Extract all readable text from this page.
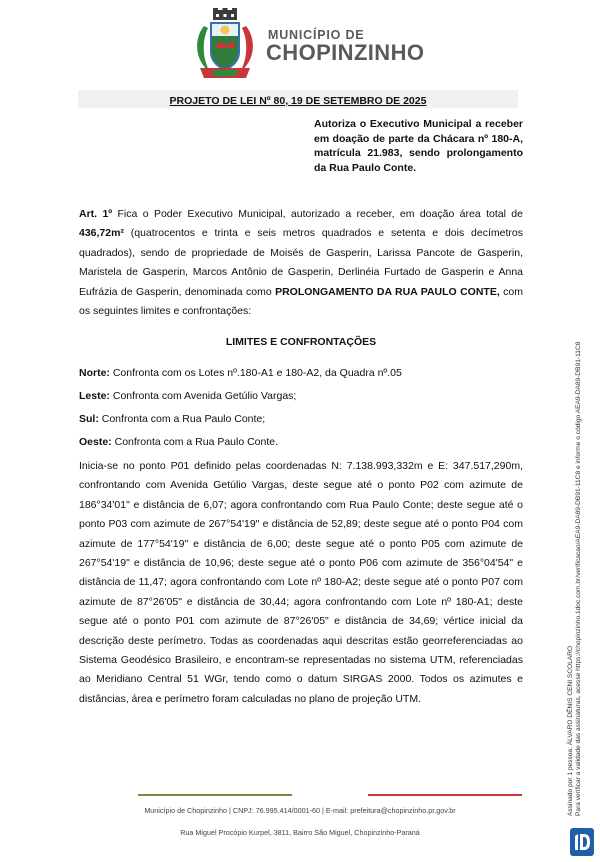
MUNICÍPIO DE
CHOPINZINHO
PROJETO DE LEI Nº 80, 19 DE SETEMBRO DE 2025
Autoriza o Executivo Municipal a receber em doação de parte da Chácara nº 180-A, matrícula 21.983, sendo prolongamento da Rua Paulo Conte.

Art. 1º Fica o Poder Executivo Municipal, autorizado a receber, em doação área total de 436,72m² (quatrocentos e trinta e seis metros quadrados e setenta e dois decímetros quadrados), sendo de propriedade de Moisés de Gasperin, Larissa Pancote de Gasperin, Maristela de Gasperin, Marcos Antônio de Gasperin, Derlinéia Furtado de Gasperin e Anna Eufrázia de Gasperin, denominada como PROLONGAMENTO DA RUA PAULO CONTE, com os seguintes limites e confrontações:

LIMITES E CONFRONTAÇÕES
Norte: Confronta com os Lotes nº.180-A1 e 180-A2, da Quadra nº.05
Leste: Confronta com Avenida Getúlio Vargas;
Sul: Confronta com a Rua Paulo Conte;
Oeste: Confronta com a Rua Paulo Conte.

Inicia-se no ponto P01 definido pelas coordenadas N: 7.138.993,332m e E: 347.517,290m, confrontando com Avenida Getúlio Vargas, deste segue até o ponto P02 com azimute de 186°34'01" e distância de 6,07; agora confrontando com Rua Paulo Conte; deste segue até o ponto P03 com azimute de 267°54'19" e distância de 52,89; deste segue até o ponto P04 com azimute de 177°54'19" e distância de 6,00; deste segue até o ponto P05 com azimute de 267°54'19" e distância de 10,96; deste segue até o ponto P06 com azimute de 356°04'54" e distância de 11,47; agora confrontando com Lote nº 180-A2; deste segue até o ponto P07 com azimute de 87°26'05" e distância de 30,44; agora confrontando com Lote nº 180-A1; deste segue até o ponto P01 com azimute de 87°26'05" e distância de 34,69; vértice inicial da descrição deste perímetro. Todas as coordenadas aqui descritas estão georreferenciadas ao Sistema Geodésico Brasileiro, e encontram-se representadas no sistema UTM, referenciadas ao Meridiano Central 51 WGr, tendo como o datum SIRGAS 2000. Todos os azimutes e distâncias, área e perímetro foram calculadas no plano de projeção UTM.

Município de Chopinzinho | CNPJ: 76.995.414/0001-60 | E-mail: prefeitura@chopinzinho.pr.gov.br
Rua Miguel Procópio Kurpel, 3811, Bairro São Miguel, Chopinzinho-Paraná
Assinado por 1 pessoa: ÁLVARO DÊNIS CENI SCOLARO Para verificar a validade das assinaturas, acesse https://chopinzinho.1doc.com.br/verificacao/AEA9-DA89-DB91-11C8 e informe o código AEA9-DA89-DB91-11C8
